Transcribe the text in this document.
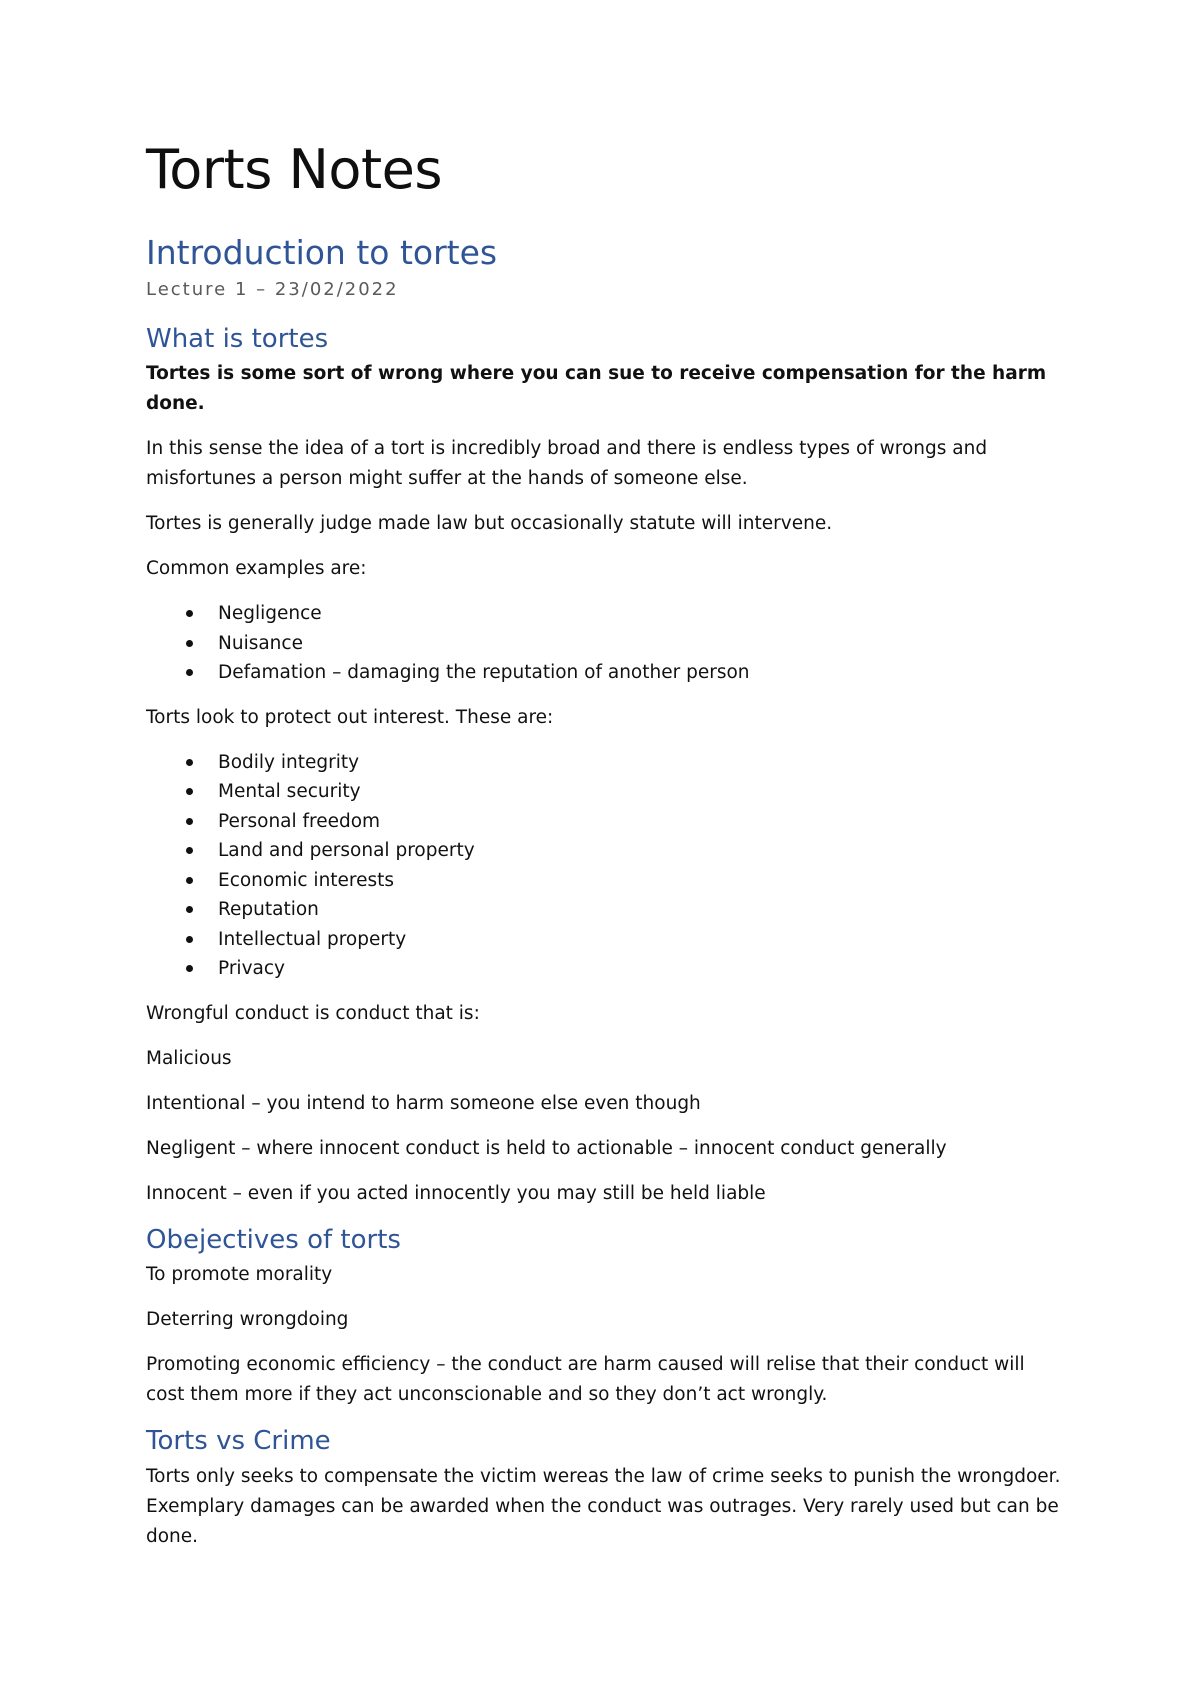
Torts Notes
Introduction to tortes
Lecture 1 – 23/02/2022
What is tortes

Tortes is some sort of wrong where you can sue to receive compensation for the harm done.

In this sense the idea of a tort is incredibly broad and there is endless types of wrongs and misfortunes a person might suffer at the hands of someone else.

Tortes is generally judge made law but occasionally statute will intervene.

Common examples are:

Negligence
Nuisance
Defamation – damaging the reputation of another person

Torts look to protect out interest. These are:

Bodily integrity
Mental security
Personal freedom
Land and personal property
Economic interests
Reputation
Intellectual property
Privacy

Wrongful conduct is conduct that is:

Malicious

Intentional – you intend to harm someone else even though

Negligent – where innocent conduct is held to actionable – innocent conduct generally

Innocent – even if you acted innocently you may still be held liable

Obejectives of torts

To promote morality

Deterring wrongdoing

Promoting economic efficiency – the conduct are harm caused will relise that their conduct will cost them more if they act unconscionable and so they don’t act wrongly.

Torts vs Crime

Torts only seeks to compensate the victim wereas the law of crime seeks to punish the wrongdoer. Exemplary damages can be awarded when the conduct was outrages. Very rarely used but can be done.
